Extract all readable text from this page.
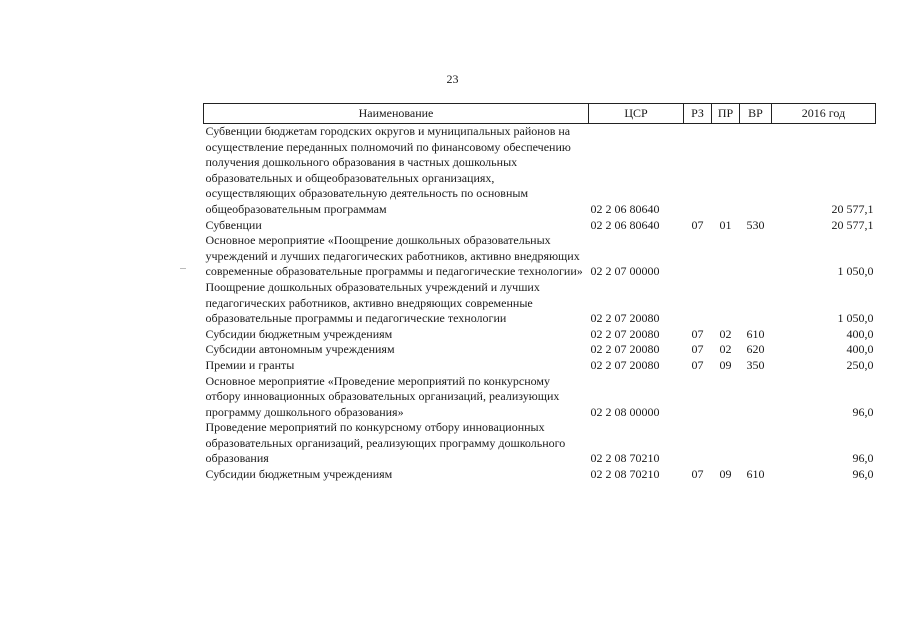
23
Наименование	ЦСР	РЗ	ПР	ВР	2016 год
Субвенции бюджетам городских округов и муниципальных районов на осуществление переданных полномочий по финансовому обеспечению получения дошкольного образования в частных дошкольных образовательных и общеобразовательных организациях, осуществляющих образовательную деятельность по основным общеобразовательным программам	02 2 06 80640				20 577,1
Субвенции	02 2 06 80640	07	01	530	20 577,1
Основное мероприятие «Поощрение дошкольных образовательных учреждений и лучших педагогических работников, активно внедряющих современные образовательные программы и педагогические технологии»	02 2 07 00000				1 050,0
Поощрение дошкольных образовательных учреждений и лучших педагогических работников, активно внедряющих современные образовательные программы и педагогические технологии	02 2 07 20080				1 050,0
Субсидии бюджетным учреждениям	02 2 07 20080	07	02	610	400,0
Субсидии автономным учреждениям	02 2 07 20080	07	02	620	400,0
Премии и гранты	02 2 07 20080	07	09	350	250,0
Основное мероприятие «Проведение мероприятий по конкурсному отбору инновационных образовательных организаций, реализующих программу дошкольного образования»	02 2 08 00000				96,0
Проведение мероприятий по конкурсному отбору инновационных образовательных организаций, реализующих программу дошкольного образования	02 2 08 70210				96,0
Субсидии бюджетным учреждениям	02 2 08 70210	07	09	610	96,0
